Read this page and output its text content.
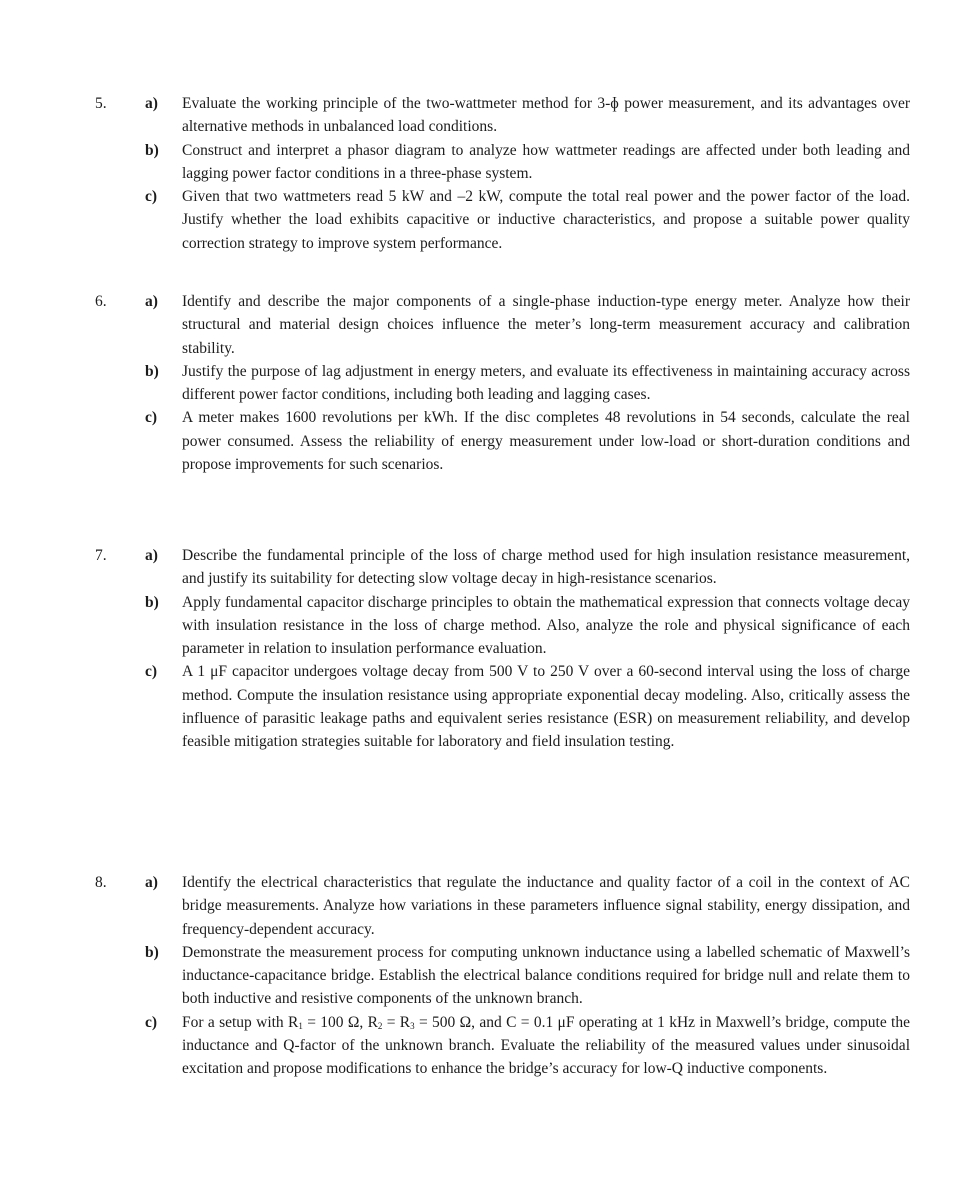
5. a) Evaluate the working principle of the two-wattmeter method for 3-ɸ power measurement, and its advantages over alternative methods in unbalanced load conditions.

b) Construct and interpret a phasor diagram to analyze how wattmeter readings are affected under both leading and lagging power factor conditions in a three-phase system.

c) Given that two wattmeters read 5 kW and –2 kW, compute the total real power and the power factor of the load. Justify whether the load exhibits capacitive or inductive characteristics, and propose a suitable power quality correction strategy to improve system performance.

6. a) Identify and describe the major components of a single-phase induction-type energy meter. Analyze how their structural and material design choices influence the meter’s long-term measurement accuracy and calibration stability.

b) Justify the purpose of lag adjustment in energy meters, and evaluate its effectiveness in maintaining accuracy across different power factor conditions, including both leading and lagging cases.

c) A meter makes 1600 revolutions per kWh. If the disc completes 48 revolutions in 54 seconds, calculate the real power consumed. Assess the reliability of energy measurement under low-load or short-duration conditions and propose improvements for such scenarios.

7. a) Describe the fundamental principle of the loss of charge method used for high insulation resistance measurement, and justify its suitability for detecting slow voltage decay in high-resistance scenarios.

b) Apply fundamental capacitor discharge principles to obtain the mathematical expression that connects voltage decay with insulation resistance in the loss of charge method. Also, analyze the role and physical significance of each parameter in relation to insulation performance evaluation.

c) A 1 μF capacitor undergoes voltage decay from 500 V to 250 V over a 60-second interval using the loss of charge method. Compute the insulation resistance using appropriate exponential decay modeling. Also, critically assess the influence of parasitic leakage paths and equivalent series resistance (ESR) on measurement reliability, and develop feasible mitigation strategies suitable for laboratory and field insulation testing.

8. a) Identify the electrical characteristics that regulate the inductance and quality factor of a coil in the context of AC bridge measurements. Analyze how variations in these parameters influence signal stability, energy dissipation, and frequency-dependent accuracy.

b) Demonstrate the measurement process for computing unknown inductance using a labelled schematic of Maxwell’s inductance-capacitance bridge. Establish the electrical balance conditions required for bridge null and relate them to both inductive and resistive components of the unknown branch.

c) For a setup with $R_1 = 100$ Ω, $R_2 = R_3 = 500$ Ω, and C = 0.1 μF operating at 1 kHz in Maxwell’s bridge, compute the inductance and Q-factor of the unknown branch. Evaluate the reliability of the measured values under sinusoidal excitation and propose modifications to enhance the bridge’s accuracy for low-Q inductive components.
